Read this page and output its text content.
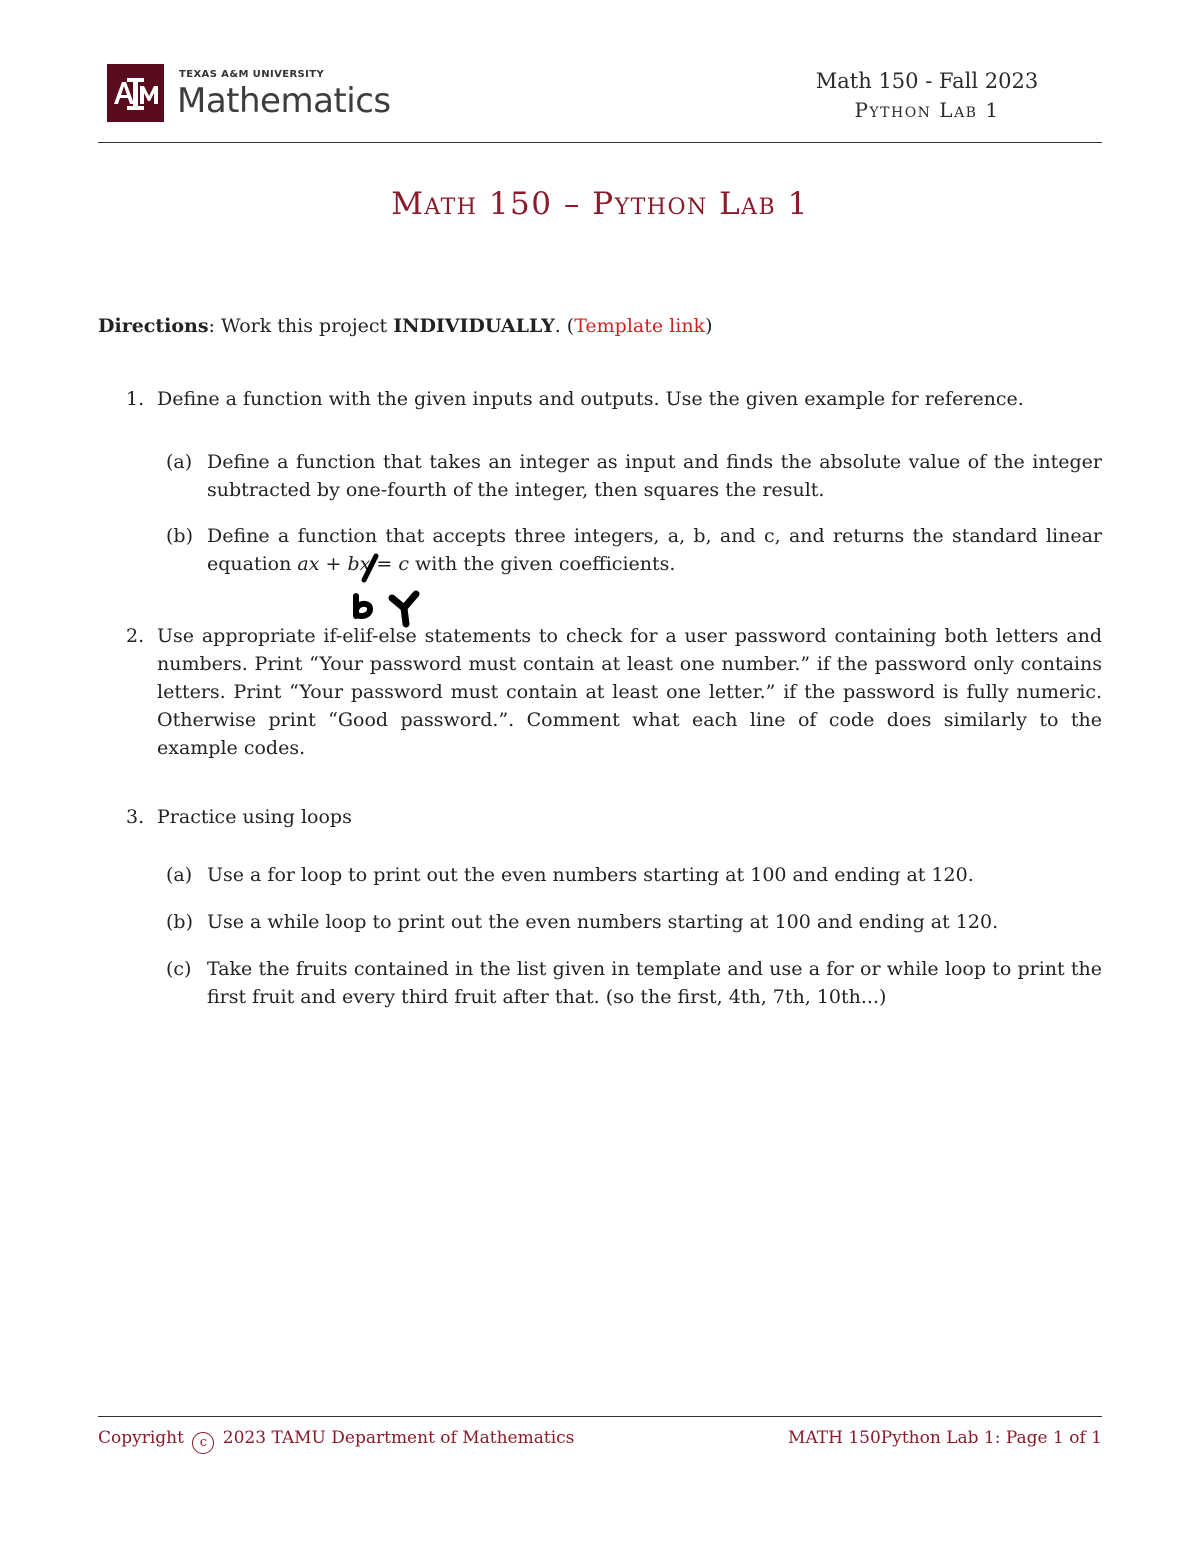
TEXAS A&M UNIVERSITY
Mathematics	Math 150 - Fall 2023
Python Lab 1
Math 150 – Python Lab 1

Directions: Work this project INDIVIDUALLY. (Template link)

1. Define a function with the given inputs and outputs. Use the given example for reference.
(a) Define a function that takes an integer as input and finds the absolute value of the integer subtracted by one-fourth of the integer, then squares the result.
(b) Define a function that accepts three integers, a, b, and c, and returns the standard linear equation ax + bx = c with the given coefficients.
2. Use appropriate if-elif-else statements to check for a user password containing both letters and numbers. Print “Your password must contain at least one number.” if the password only contains letters. Print “Your password must contain at least one letter.” if the password is fully numeric. Otherwise print “Good password.”. Comment what each line of code does similarly to the example codes.
3. Practice using loops
(a) Use a for loop to print out the even numbers starting at 100 and ending at 120.
(b) Use a while loop to print out the even numbers starting at 100 and ending at 120.
(c) Take the fruits contained in the list given in template and use a for or while loop to print the first fruit and every third fruit after that. (so the first, 4th, 7th, 10th...)
Copyright c 2023 TAMU Department of Mathematics	MATH 150Python Lab 1: Page 1 of 1
